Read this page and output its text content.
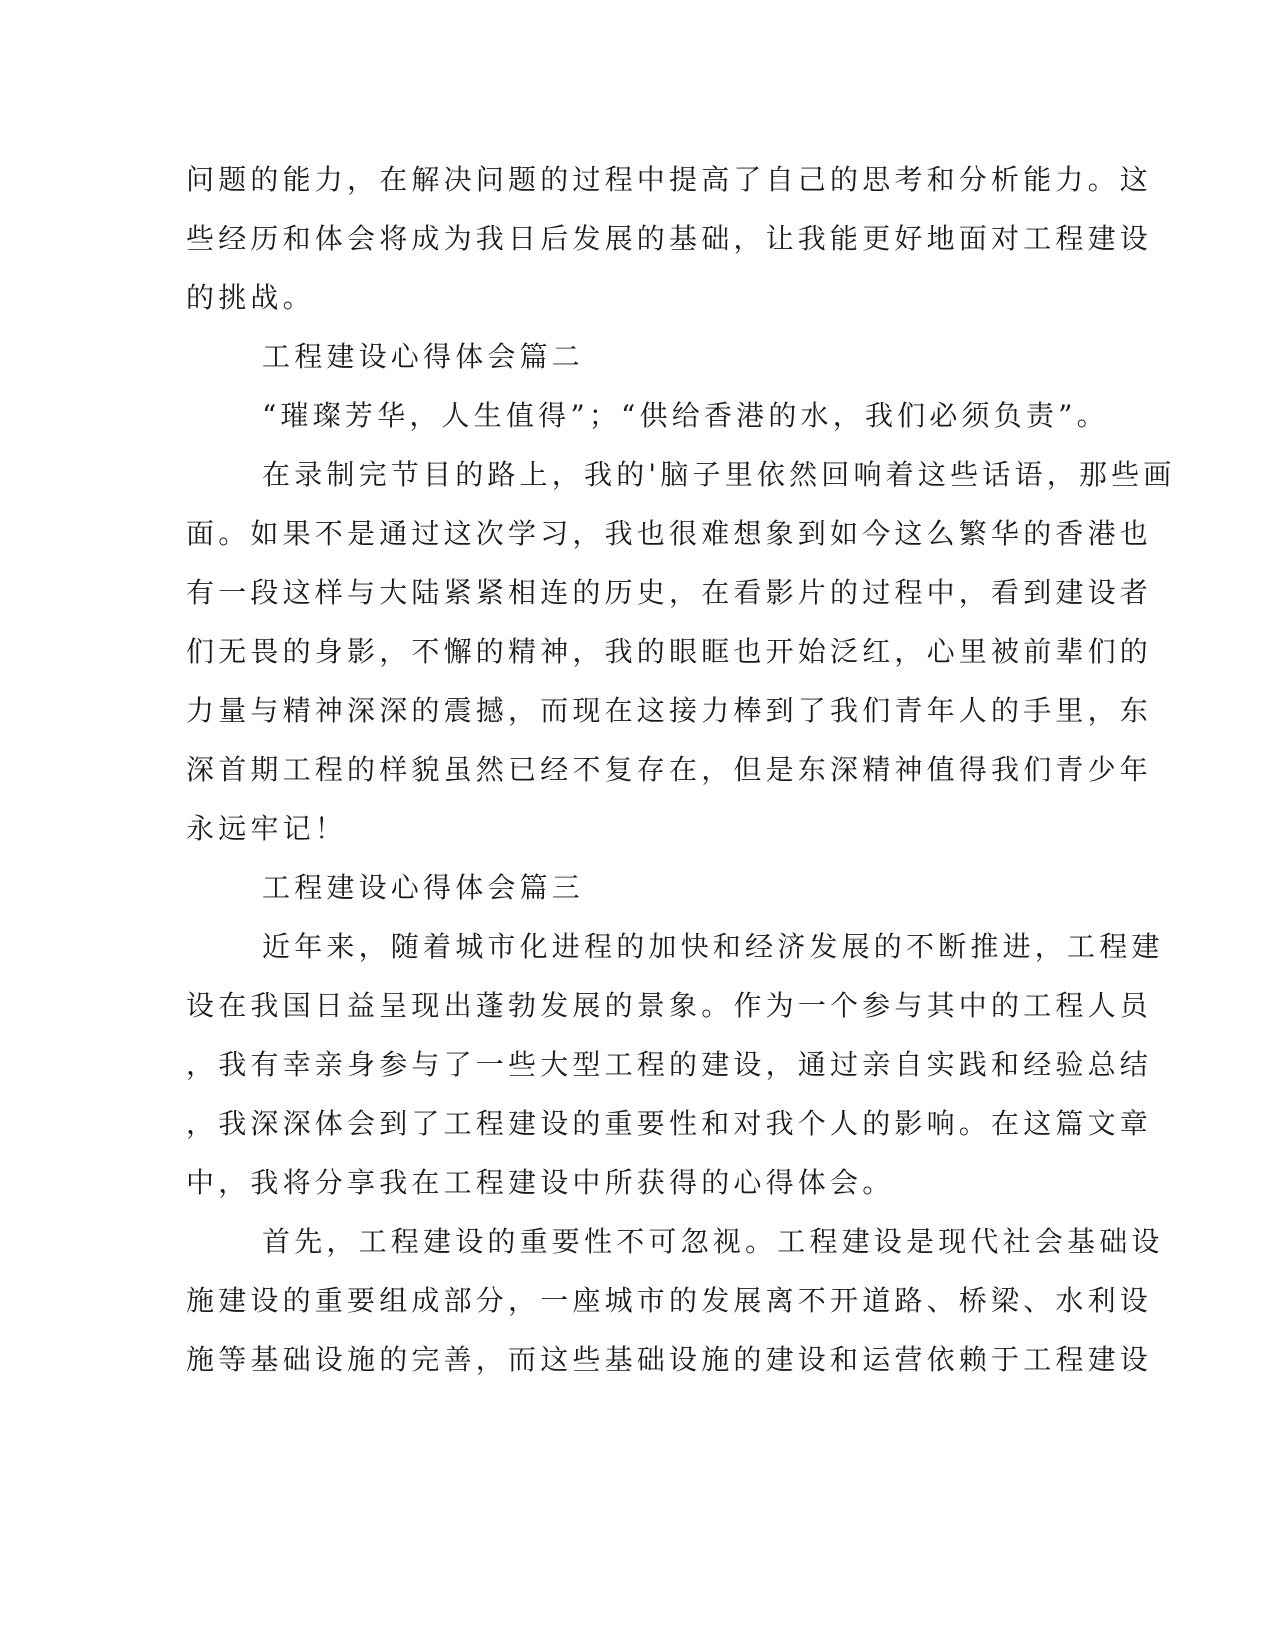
问题的能力，在解决问题的过程中提高了自己的思考和分析能力。这
些经历和体会将成为我日后发展的基础，让我能更好地面对工程建设
的挑战。
工程建设心得体会篇二
“璀璨芳华，人生值得”；“供给香港的水，我们必须负责”。
在录制完节目的路上，我的'脑子里依然回响着这些话语，那些画
面。如果不是通过这次学习，我也很难想象到如今这么繁华的香港也
有一段这样与大陆紧紧相连的历史，在看影片的过程中，看到建设者
们无畏的身影，不懈的精神，我的眼眶也开始泛红，心里被前辈们的
力量与精神深深的震撼，而现在这接力棒到了我们青年人的手里，东
深首期工程的样貌虽然已经不复存在，但是东深精神值得我们青少年
永远牢记！
工程建设心得体会篇三
近年来，随着城市化进程的加快和经济发展的不断推进，工程建
设在我国日益呈现出蓬勃发展的景象。作为一个参与其中的工程人员
，我有幸亲身参与了一些大型工程的建设，通过亲自实践和经验总结
，我深深体会到了工程建设的重要性和对我个人的影响。在这篇文章
中，我将分享我在工程建设中所获得的心得体会。
首先，工程建设的重要性不可忽视。工程建设是现代社会基础设
施建设的重要组成部分，一座城市的发展离不开道路、桥梁、水利设
施等基础设施的完善，而这些基础设施的建设和运营依赖于工程建设
